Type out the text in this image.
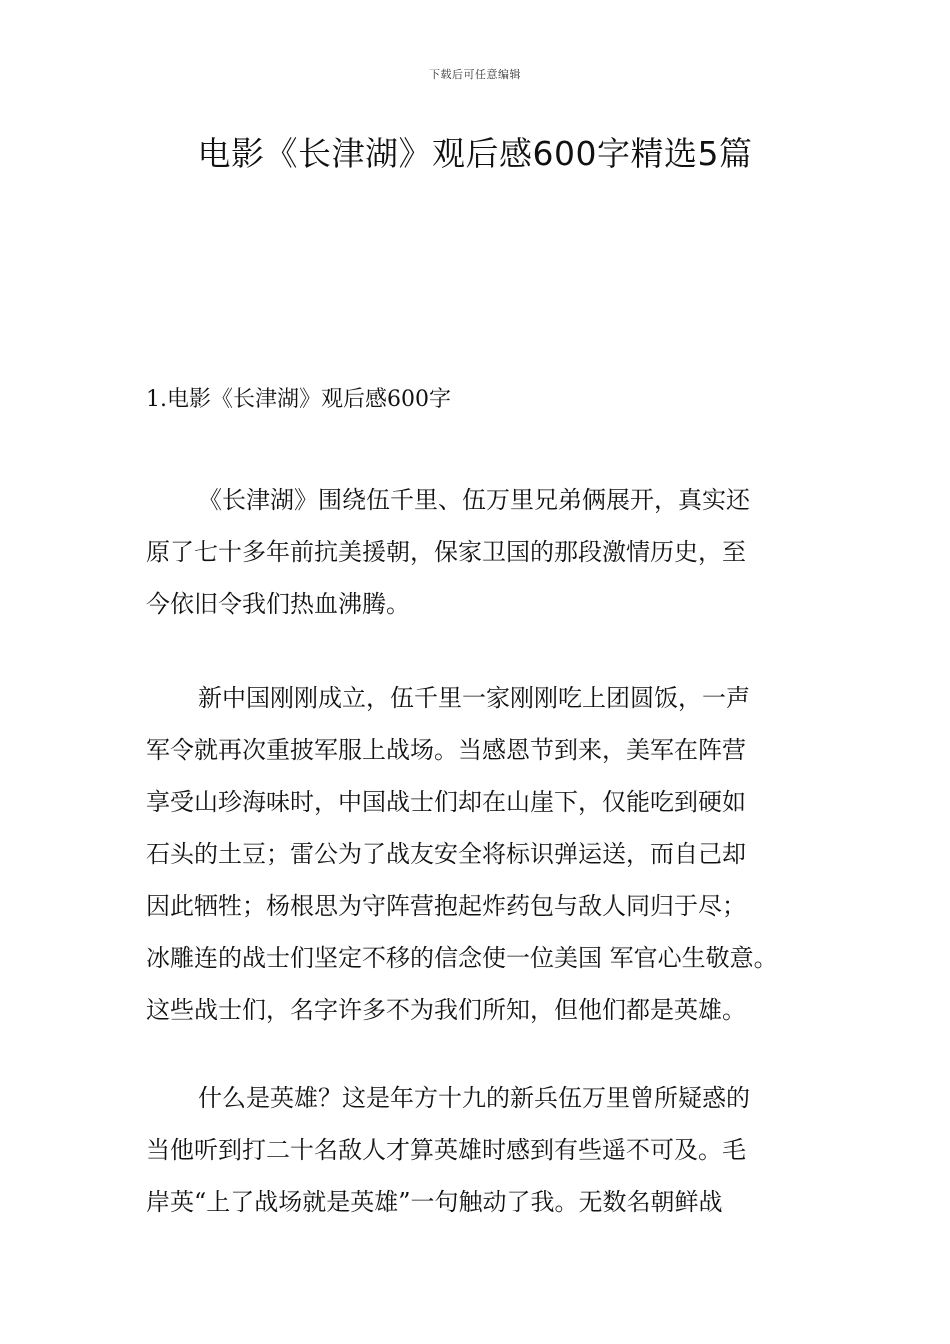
下载后可任意编辑
电影《长津湖》观后感600字精选5篇
1.电影《长津湖》观后感600字

《长津湖》围绕伍千里、伍万里兄弟俩展开，真实还
原了七十多年前抗美援朝，保家卫国的那段激情历史，至
今依旧令我们热血沸腾。

新中国刚刚成立，伍千里一家刚刚吃上团圆饭，一声
军令就再次重披军服上战场。当感恩节到来，美军在阵营
享受山珍海味时，中国战士们却在山崖下，仅能吃到硬如
石头的土豆；雷公为了战友安全将标识弹运送，而自己却
因此牺牲；杨根思为守阵营抱起炸药包与敌人同归于尽；
冰雕连的战士们坚定不移的信念使一位美国 军官心生敬意。
这些战士们，名字许多不为我们所知，但他们都是英雄。

什么是英雄？这是年方十九的新兵伍万里曾所疑惑的
当他听到打二十名敌人才算英雄时感到有些遥不可及。毛
岸英“上了战场就是英雄”一句触动了我。无数名朝鲜战
